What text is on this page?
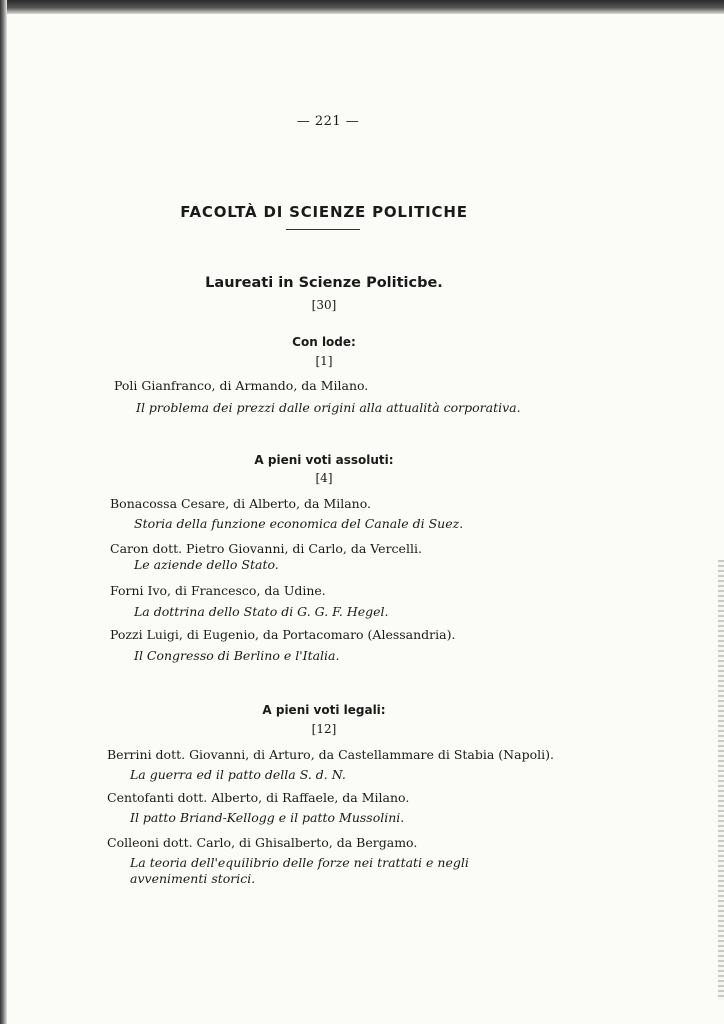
— 221 —
FACOLTÀ DI SCIENZE POLITICHE
Laureati in Scienze Politicbe.
[30]
Con lode:
[1]
Poli Gianfranco, di Armando, da Milano.
Il problema dei prezzi dalle origini alla attualità corporativa.
A pieni voti assoluti:
[4]
Bonacossa Cesare, di Alberto, da Milano.
Storia della funzione economica del Canale di Suez.
Caron dott. Pietro Giovanni, di Carlo, da Vercelli.
Le aziende dello Stato.
Forni Ivo, di Francesco, da Udine.
La dottrina dello Stato di G. G. F. Hegel.
Pozzi Luigi, di Eugenio, da Portacomaro (Alessandria).
Il Congresso di Berlino e l'Italia.
A pieni voti legali:
[12]
Berrini dott. Giovanni, di Arturo, da Castellammare di Stabia (Napoli).
La guerra ed il patto della S. d. N.
Centofanti dott. Alberto, di Raffaele, da Milano.
Il patto Briand-Kellogg e il patto Mussolini.
Colleoni dott. Carlo, di Ghisalberto, da Bergamo.
La teoria dell'equilibrio delle forze nei trattati e negli avvenimenti storici.
